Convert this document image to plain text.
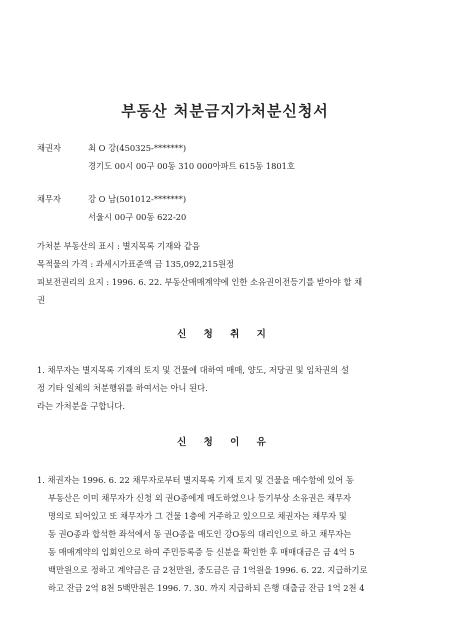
부동산 처분금지가처분신청서
채권자	최 O 강(450325-*******)
경기도 00시 00구 00동 310 000아파트 615동 1801호
채무자	강 O 남(501012-*******)
서울시 00구 00동 622-20
가처분 부동산의 표시 : 별지목록 기재와 같음
목적물의 가격 : 과세시가표준액 금 135,092,215원정
피보전권리의 요지 : 1996. 6. 22. 부동산매매계약에 인한 소유권이전등기를 받아야 할 채
권
신 청 취 지
1. 채무자는 별지목록 기재의 토지 및 건물에 대하여 매매, 양도, 저당권 및 임차권의 설
정 기타 일체의 처분행위를 하여서는 아니 된다.
라는 가처분을 구합니다.
신 청 이 유
1. 채권자는 1996. 6. 22 채무자로부터 별지목록 기재 토지 및 건물을 매수함에 있어 동
부동산은 이미 채무자가 신청 외 권O종에게 매도하였으나 등기부상 소유권은 채무자
명의로 되어있고 또 채무자가 그 건물 1층에 거주하고 있으므로 채권자는 채무자 및
동 권O종과 합석한 좌석에서 동 권O종을 매도인 강O동의 대리인으로 하고 채무자는
동 매매계약의 입회인으로 하여 주민등록증 등 신분을 확인한 후 매매대금은 금 4억 5
백만원으로 정하고 계약금은 금 2천만원, 중도금은 금 1억원을 1996. 6. 22. 지급하기로
하고 잔금 2억 8천 5백만원은 1996. 7. 30. 까지 지급하되 은행 대출금 잔금 1억 2천 4
